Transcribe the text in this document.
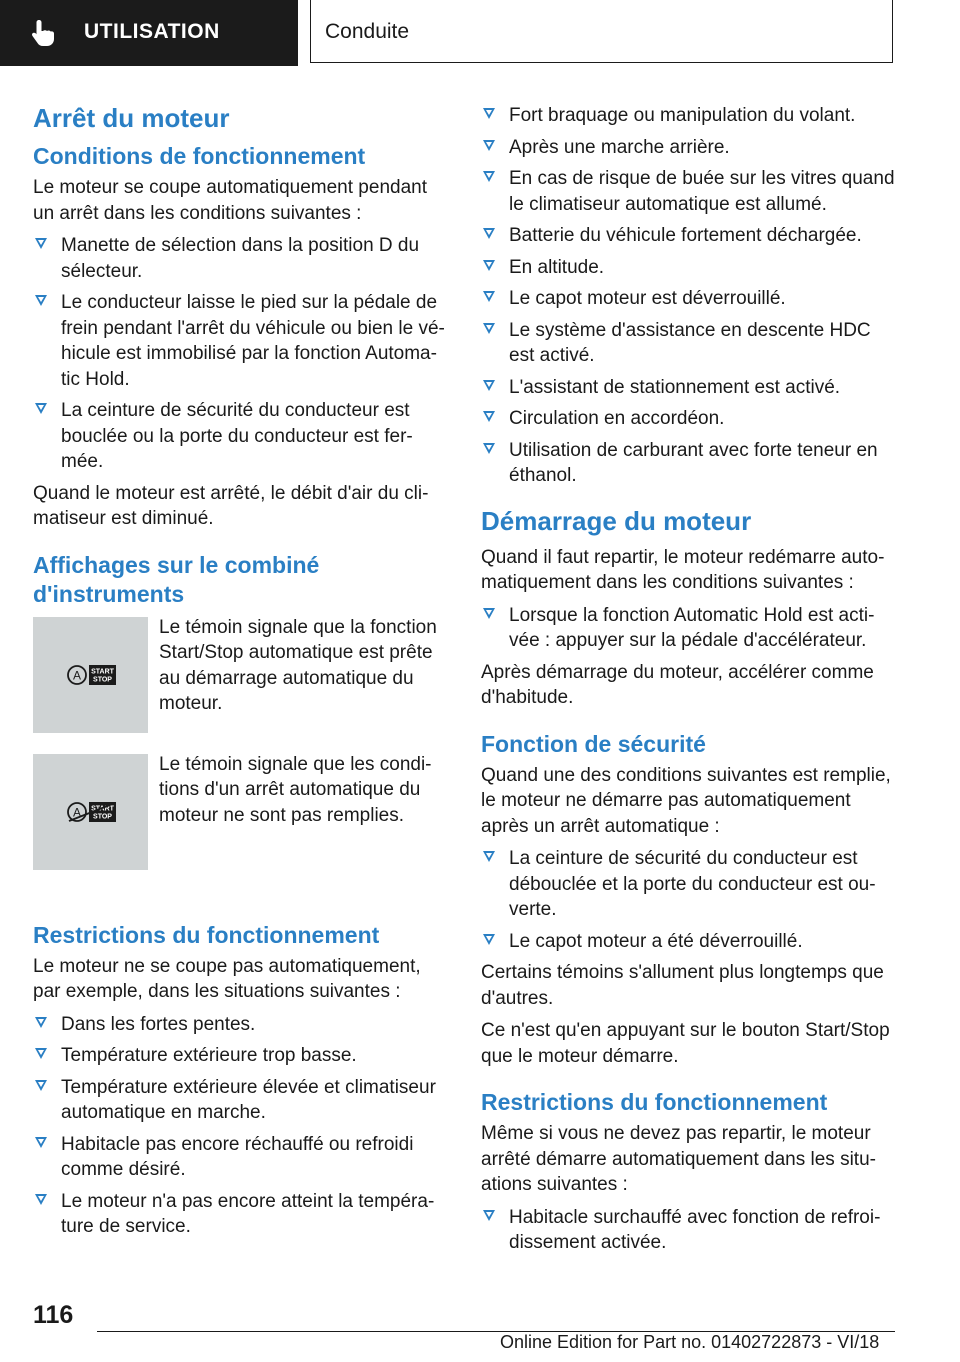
UTILISATION	Conduite
Arrêt du moteur
Conditions de fonctionnement

Le moteur se coupe automatiquement pendant un arrêt dans les conditions suivantes :

Manette de sélection dans la position D du sélecteur.
Le conducteur laisse le pied sur la pédale de frein pendant l'arrêt du véhicule ou bien le vé-hicule est immobilisé par la fonction Automa-tic Hold.
La ceinture de sécurité du conducteur est bouclée ou la porte du conducteur est fer-mée.

Quand le moteur est arrêté, le débit d'air du cli-matiseur est diminué.

Affichages sur le combiné d'instruments
A START
STOP
Le témoin signale que la fonction Start/Stop automatique est prête au démarrage automatique du moteur.
A START
STOP
Le témoin signale que les condi-tions d'un arrêt automatique du moteur ne sont pas remplies.
Restrictions du fonctionnement

Le moteur ne se coupe pas automatiquement, par exemple, dans les situations suivantes :

Dans les fortes pentes.
Température extérieure trop basse.
Température extérieure élevée et climatiseur automatique en marche.
Habitacle pas encore réchauffé ou refroidi comme désiré.
Le moteur n'a pas encore atteint la tempéra-ture de service.
Fort braquage ou manipulation du volant.
Après une marche arrière.
En cas de risque de buée sur les vitres quand le climatiseur automatique est allumé.
Batterie du véhicule fortement déchargée.
En altitude.
Le capot moteur est déverrouillé.
Le système d'assistance en descente HDC est activé.
L'assistant de stationnement est activé.
Circulation en accordéon.
Utilisation de carburant avec forte teneur en éthanol.
Démarrage du moteur

Quand il faut repartir, le moteur redémarre auto-matiquement dans les conditions suivantes :

Lorsque la fonction Automatic Hold est acti-vée : appuyer sur la pédale d'accélérateur.

Après démarrage du moteur, accélérer comme d'habitude.

Fonction de sécurité

Quand une des conditions suivantes est remplie, le moteur ne démarre pas automatiquement après un arrêt automatique :

La ceinture de sécurité du conducteur est débouclée et la porte du conducteur est ou-verte.
Le capot moteur a été déverrouillé.

Certains témoins s'allument plus longtemps que d'autres.

Ce n'est qu'en appuyant sur le bouton Start/Stop que le moteur démarre.

Restrictions du fonctionnement

Même si vous ne devez pas repartir, le moteur arrêté démarre automatiquement dans les situ-ations suivantes :

Habitacle surchauffé avec fonction de refroi-dissement activée.
116
Online Edition for Part no. 01402722873 - VI/18
